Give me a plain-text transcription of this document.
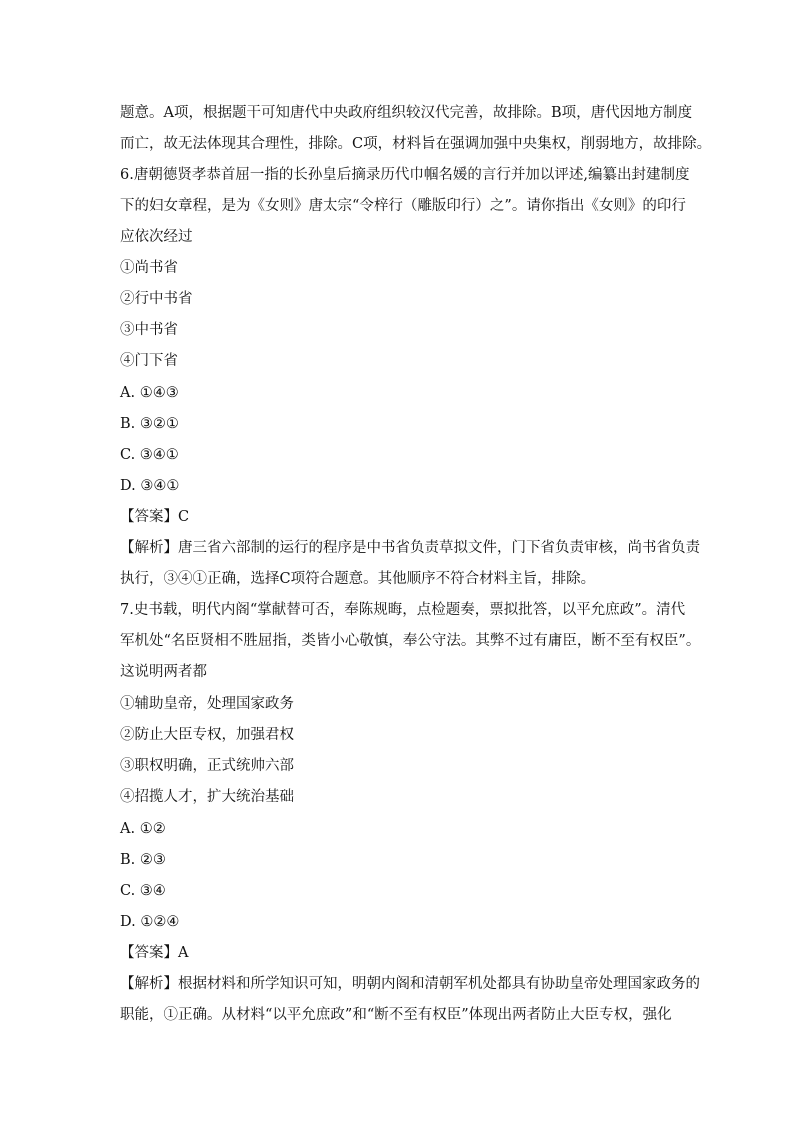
题意。A项，根据题干可知唐代中央政府组织较汉代完善，故排除。B项，唐代因地方制度
而亡，故无法体现其合理性，排除。C项，材料旨在强调加强中央集权，削弱地方，故排除。
6.唐朝德贤孝恭首屈一指的长孙皇后摘录历代巾帼名媛的言行并加以评述,编纂出封建制度
下的妇女章程，是为《女则》唐太宗“令梓行（雕版印行）之”。请你指出《女则》的印行
应依次经过
①尚书省
②行中书省
③中书省
④门下省
A. ①④③
B. ③②①
C. ③④①
D. ③④①
【答案】C
【解析】唐三省六部制的运行的程序是中书省负责草拟文件，门下省负责审核，尚书省负责
执行，③④①正确，选择C项符合题意。其他顺序不符合材料主旨，排除。
7.史书载，明代内阁“掌献替可否，奉陈规晦，点检题奏，票拟批答，以平允庶政”。清代
军机处“名臣贤相不胜屈指，类皆小心敬慎，奉公守法。其弊不过有庸臣，断不至有权臣”。
这说明两者都
①辅助皇帝，处理国家政务
②防止大臣专权，加强君权
③职权明确，正式统帅六部
④招揽人才，扩大统治基础
A. ①②
B. ②③
C. ③④
D. ①②④
【答案】A
【解析】根据材料和所学知识可知，明朝内阁和清朝军机处都具有协助皇帝处理国家政务的
职能，①正确。从材料“以平允庶政”和“断不至有权臣”体现出两者防止大臣专权，强化
